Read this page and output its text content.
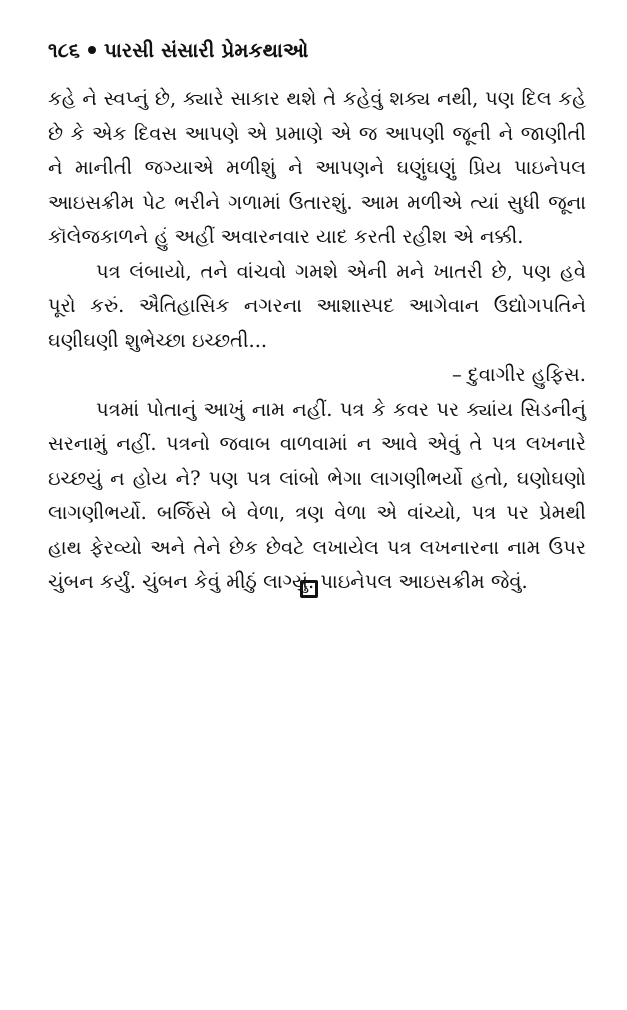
૧૮૬ પારસી સંસારી પ્રેમકથાઓ

કહે ને સ્વપ્નું છે, ક્યારે સાકાર થશે તે કહેવું શક્ય નથી, પણ દિલ કહે છે કે એક દિવસ આપણે એ પ્રમાણે એ જ આપણી જૂની ને જાણીતી ને માનીતી જગ્યાએ મળીશું ને આપણને ઘણુંઘણું પ્રિય પાઇનેપલ આઇસક્રીમ પેટ ભરીને ગળામાં ઉતારશું. આમ મળીએ ત્યાં સુધી જૂના કૉલેજકાળને હું અહીં અવારનવાર યાદ કરતી રહીશ એ નક્કી.

પત્ર લંબાયો, તને વાંચવો ગમશે એની મને ખાતરી છે, પણ હવે પૂરો કરું. ઐતિહાસિક નગરના આશાસ્પદ આગેવાન ઉદ્યોગપતિને ઘણીઘણી શુભેચ્છા ઇચ્છતી...

– દુવાગીર હુફિસ.

પત્રમાં પોતાનું આખું નામ નહીં. પત્ર કે કવર પર ક્યાંય સિડનીનું સરનામું નહીં. પત્રનો જવાબ વાળવામાં ન આવે એવું તે પત્ર લખનારે ઇચ્છયું ન હોય ને? પણ પત્ર લાંબો ભેગા લાગણીભર્યો હતો, ઘણોઘણો લાગણીભર્યો. બર્જિસે બે વેળા, ત્રણ વેળા એ વાંચ્યો, પત્ર પર પ્રેમથી હાથ ફેરવ્યો અને તેને છેક છેવટે લખાયેલ પત્ર લખનારના નામ ઉપર ચુંબન કર્યું. ચુંબન કેવું મીઠું લાગ્યું. પાઇનેપલ આઇસક્રીમ જેવું.
